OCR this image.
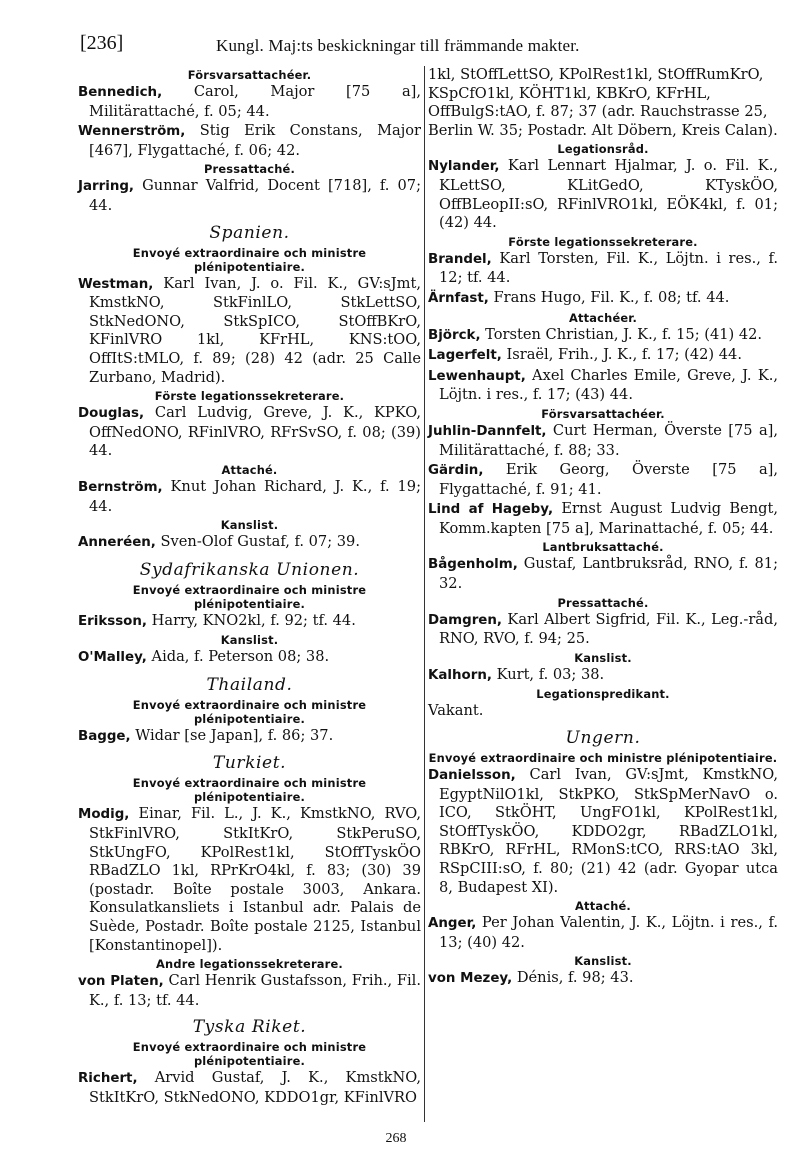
[236]	Kungl. Maj:ts beskickningar till främmande makter.
Försvarsattachéer.
Bennedich, Carol, Major [75 a], Militärattaché, f. 05; 44.
Wennerström, Stig Erik Constans, Major [467], Flygattaché, f. 06; 42.
Pressattaché.
Jarring, Gunnar Valfrid, Docent [718], f. 07; 44.
Spanien.
Envoyé extraordinaire och ministre plénipotentiaire.
Westman, Karl Ivan, J. o. Fil. K., GV:sJmt, KmstkNO, StkFinlLO, StkLettSO, StkNedONO, StkSpICO, StOffBKrO, KFinlVRO 1kl, KFrHL, KNS:tOO, OffItS:tMLO, f. 89; (28) 42 (adr. 25 Calle Zurbano, Madrid).
Förste legationssekreterare.
Douglas, Carl Ludvig, Greve, J. K., KPKO, OffNedONO, RFinlVRO, RFrSvSO, f. 08; (39) 44.
Attaché.
Bernström, Knut Johan Richard, J. K., f. 19; 44.
Kanslist.
Anneréen, Sven-Olof Gustaf, f. 07; 39.
Sydafrikanska Unionen.
Envoyé extraordinaire och ministre plénipotentiaire.
Eriksson, Harry, KNO2kl, f. 92; tf. 44.
Kanslist.
O'Malley, Aida, f. Peterson 08; 38.
Thailand.
Envoyé extraordinaire och ministre plénipotentiaire.
Bagge, Widar [se Japan], f. 86; 37.
Turkiet.
Envoyé extraordinaire och ministre plénipotentiaire.
Modig, Einar, Fil. L., J. K., KmstkNO, RVO, StkFinlVRO, StkItKrO, StkPeruSO, StkUngFO, KPolRest1kl, StOffTyskÖO RBadZLO 1kl, RPrKrO4kl, f. 83; (30) 39 (postadr. Boîte postale 3003, Ankara. Konsulatkansliets i Istanbul adr. Palais de Suède, Postadr. Boîte postale 2125, Istanbul [Konstantinopel]).
Andre legationssekreterare.
von Platen, Carl Henrik Gustafsson, Frih., Fil. K., f. 13; tf. 44.
Tyska Riket.
Envoyé extraordinaire och ministre plénipotentiaire.
Richert, Arvid Gustaf, J. K., KmstkNO, StkItKrO, StkNedONO, KDDO1gr, KFinlVRO
1kl, StOffLettSO, KPolRest1kl, StOffRumKrO, KSpCfO1kl, KÖHT1kl, KBKrO, KFrHL, OffBulgS:tAO, f. 87; 37 (adr. Rauchstrasse 25, Berlin W. 35; Postadr. Alt Döbern, Kreis Calan).
Legationsråd.
Nylander, Karl Lennart Hjalmar, J. o. Fil. K., KLettSO, KLitGedO, KTyskÖO, OffBLeopII:sO, RFinlVRO1kl, EÖK4kl, f. 01; (42) 44.
Förste legationssekreterare.
Brandel, Karl Torsten, Fil. K., Löjtn. i res., f. 12; tf. 44.
Ärnfast, Frans Hugo, Fil. K., f. 08; tf. 44.
Attachéer.
Björck, Torsten Christian, J. K., f. 15; (41) 42.
Lagerfelt, Israël, Frih., J. K., f. 17; (42) 44.
Lewenhaupt, Axel Charles Emile, Greve, J. K., Löjtn. i res., f. 17; (43) 44.
Försvarsattachéer.
Juhlin-Dannfelt, Curt Herman, Överste [75 a], Militärattaché, f. 88; 33.
Gärdin, Erik Georg, Överste [75 a], Flygattaché, f. 91; 41.
Lind af Hageby, Ernst August Ludvig Bengt, Komm.kapten [75 a], Marinattaché, f. 05; 44.
Lantbruksattaché.
Bågenholm, Gustaf, Lantbruksråd, RNO, f. 81; 32.
Pressattaché.
Damgren, Karl Albert Sigfrid, Fil. K., Leg.-råd, RNO, RVO, f. 94; 25.
Kanslist.
Kalhorn, Kurt, f. 03; 38.
Legationspredikant.
Vakant.
Ungern.
Envoyé extraordinaire och ministre plénipotentiaire.
Danielsson, Carl Ivan, GV:sJmt, KmstkNO, EgyptNilO1kl, StkPKO, StkSpMerNavO o. ICO, StkÖHT, UngFO1kl, KPolRest1kl, StOffTyskÖO, KDDO2gr, RBadZLO1kl, RBKrO, RFrHL, RMonS:tCO, RRS:tAO 3kl, RSpCIII:sO, f. 80; (21) 42 (adr. Gyopar utca 8, Budapest XI).
Attaché.
Anger, Per Johan Valentin, J. K., Löjtn. i res., f. 13; (40) 42.
Kanslist.
von Mezey, Dénis, f. 98; 43.
268
